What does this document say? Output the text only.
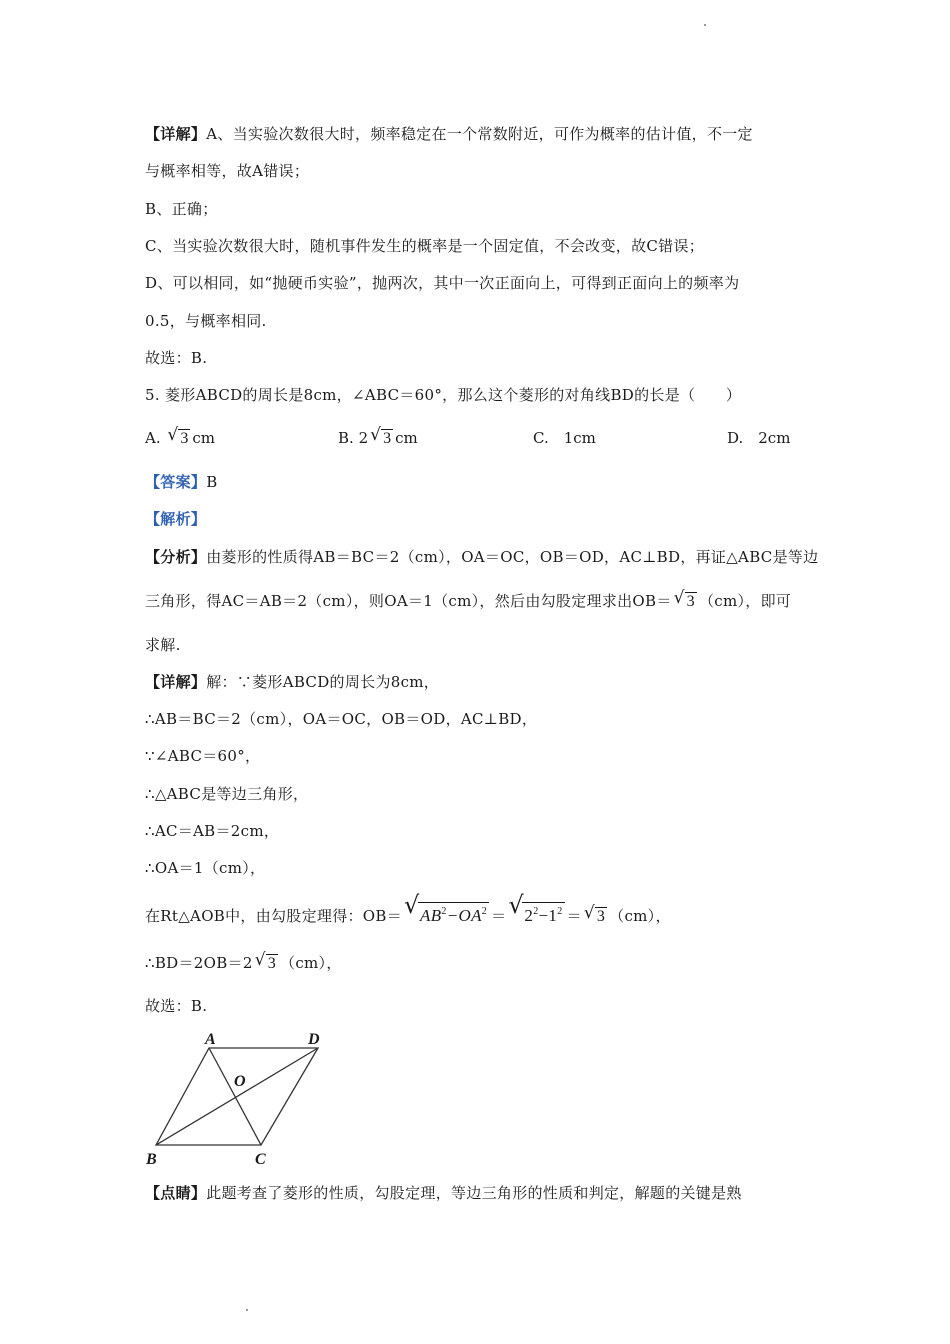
【详解】A、当实验次数很大时，频率稳定在一个常数附近，可作为概率的估计值，不一定
与概率相等，故A错误；
B、正确；
C、当实验次数很大时，随机事件发生的概率是一个固定值，不会改变，故C错误；
D、可以相同，如“抛硬币实验”，抛两次，其中一次正面向上，可得到正面向上的频率为
0.5，与概率相同.
故选：B.
5. 菱形ABCD的周长是8cm，∠ABC＝60°，那么这个菱形的对角线BD的长是（　　）
A. √ 3 cm	B. 2 √ 3 cm	C.　1cm	D.　2cm
【答案】B
【解析】
【分析】由菱形的性质得AB＝BC＝2（cm），OA＝OC，OB＝OD，AC⊥BD，再证△ABC是等边
三角形，得AC＝AB＝2（cm），则OA＝1（cm），然后由勾股定理求出OB＝ √ 3 （cm），即可
求解.
【详解】解：∵菱形ABCD的周长为8cm，
∴AB＝BC＝2（cm），OA＝OC，OB＝OD，AC⊥BD，
∵∠ABC＝60°，
∴△ABC是等边三角形，
∴AC＝AB＝2cm，
∴OA＝1（cm），
在Rt△AOB中，由勾股定理得：OB＝ √ $AB^2-OA^2$ ＝ √ $2^2-1^2$ ＝ √ 3 （cm），
∴BD＝2OB＝2 √ 3 （cm），
故选：B.
A	D
O
B	C
【点睛】此题考查了菱形的性质，勾股定理，等边三角形的性质和判定，解题的关键是熟
